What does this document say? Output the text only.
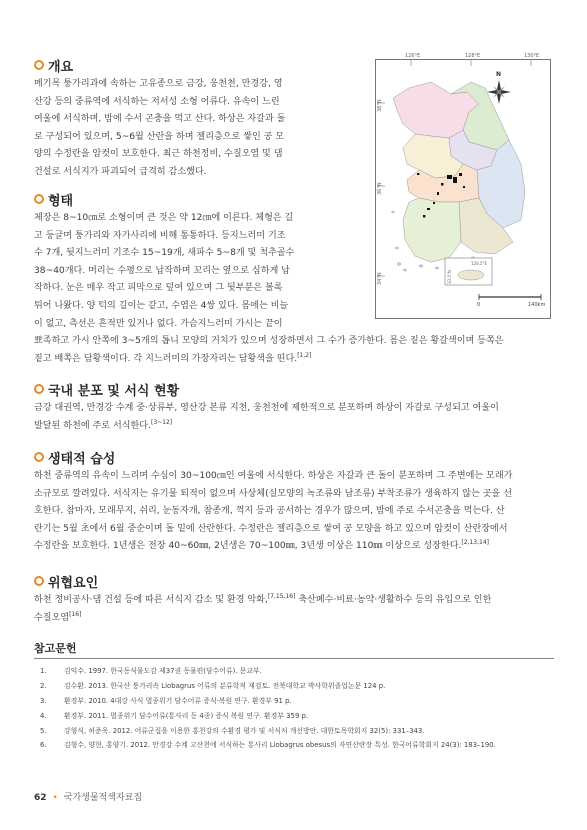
개요

메기목 퉁가리과에 속하는 고유종으로 금강, 웅천천, 만경강, 영
산강 등의 중류역에 서식하는 저서성 소형 어류다. 유속이 느린
여울에 서식하며, 밤에 수서 곤충을 먹고 산다. 하상은 자갈과 돌
로 구성되어 있으며, 5~6월 산란을 하며 젤리층으로 쌓인 공 모
양의 수정란을 암컷이 보호한다. 최근 하천정비, 수질오염 및 댐
건설로 서식지가 파괴되어 급격히 감소했다.

형태

체장은 8~10㎝로 소형이며 큰 것은 약 12㎝에 이른다. 체형은 길
고 둥글며 퉁가리와 자가사리에 비해 통통하다. 등지느러미 기조
수 7개, 뒷지느러미 기조수 15~19개, 새파수 5~8개 및 척추골수
38~40개다. 머리는 수평으로 납작하며 꼬리는 옆으로 심하게 납
작하다. 눈은 매우 작고 피막으로 덮여 있으며 그 뒷부분은 볼록
튀어 나왔다. 양 턱의 길이는 같고, 수염은 4쌍 있다. 몸에는 비늘
이 없고, 측선은 흔적만 있거나 없다. 가슴지느러미 가시는 끝이

뾰족하고 가시 안쪽에 3~5개의 톱니 모양의 거치가 있으며 성장하면서 그 수가 증가한다. 몸은 짙은 황갈색이며 등쪽은
짙고 배쪽은 담황색이다. 각 지느러미의 가장자리는 담황색을 띤다.[1,2]

국내 분포 및 서식 현황

금강 대권역, 만경강 수계 중·상류부, 영산강 본류 지천, 웅천천에 제한적으로 분포하며 하상이 자갈로 구성되고 여울이
발달된 하천에 주로 서식한다.[3~12]

생태적 습성

하천 중류역의 유속이 느리며 수심이 30~100㎝인 여울에 서식한다. 하상은 자갈과 큰 돌이 분포하며 그 주변에는 모래가
소규모로 깔려있다. 서식지는 유기물 퇴적이 없으며 사상체(실모양의 녹조류와 남조류) 부착조류가 생육하지 않는 곳을 선
호한다. 참마자, 모래무지, 쉬리, 눈동자개, 참종개, 꺽지 등과 공서하는 경우가 많으며, 밤에 주로 수서곤충을 먹는다. 산
란기는 5월 초에서 6월 중순이며 돌 밑에 산란한다. 수정란은 젤리층으로 쌓여 공 모양을 하고 있으며 암컷이 산란장에서
수정란을 보호한다. 1년생은 전장 40~60㎜, 2년생은 70~100㎜, 3년생 이상은 110㎜ 이상으로 성장한다.[2,13,14]

위협요인

하천 정비공사·댐 건설 등에 따른 서식지 감소 및 환경 악화,[7,15,16] 축산폐수·비료·농약·생활하수 등의 유입으로 인한
수질오염[16]

126°E	128°E	130°E
38°N
36°N
34°N
N
126.5°E
33.5°N
0	140km
참고문헌
1.	김익수. 1997. 한국동식물도감 제37권 동물편(담수어류). 문교부.
2.	김수환. 2013. 한국산 퉁가리속 Liobagrus 어류의 분류학적 재검토. 전북대학교 박사학위졸업논문 124 p.
3.	환경부. 2010. 4대강 사식 멸종위기 담수어류 증식·복원 연구. 환경부 91 p.
4.	환경부. 2011. 멸종위기 담수어류(통사리 등 4종) 증식 복원 연구. 환경부 359 p.
5.	강형식, 허준욱. 2012. 어류군집을 이용한 홍천강의 수환경 평가 및 서식처 개선방안. 대한토목학회지 32(5): 331–343.
6.	김형수, 양현, 홍양기. 2012. 만경강 수계 고산천에 서식하는 통사리 Liobagrus obesus의 자연산란장 특성. 한국어류학회지 24(3): 183–190.
62 • 국가생물적색자료집
